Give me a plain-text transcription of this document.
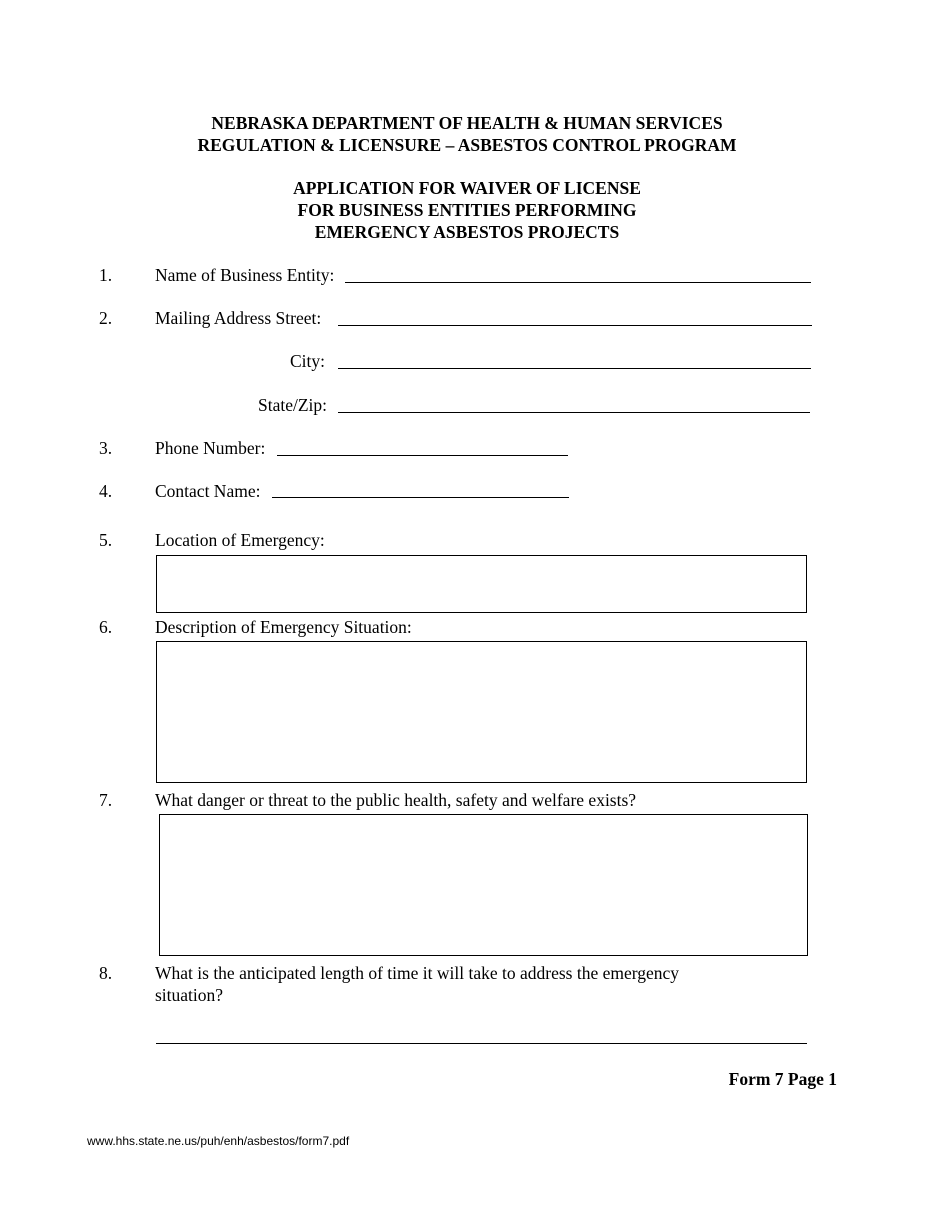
NEBRASKA DEPARTMENT OF HEALTH & HUMAN SERVICES
REGULATION & LICENSURE – ASBESTOS CONTROL PROGRAM
APPLICATION FOR WAIVER OF LICENSE
FOR BUSINESS ENTITIES PERFORMING
EMERGENCY ASBESTOS PROJECTS
1. Name of Business Entity:
2. Mailing Address Street:
City:
State/Zip:
3. Phone Number:
4. Contact Name:
5. Location of Emergency:
6. Description of Emergency Situation:
7. What danger or threat to the public health, safety and welfare exists?
8. What is the anticipated length of time it will take to address the emergency
situation?
Form 7 Page 1
www.hhs.state.ne.us/puh/enh/asbestos/form7.pdf
